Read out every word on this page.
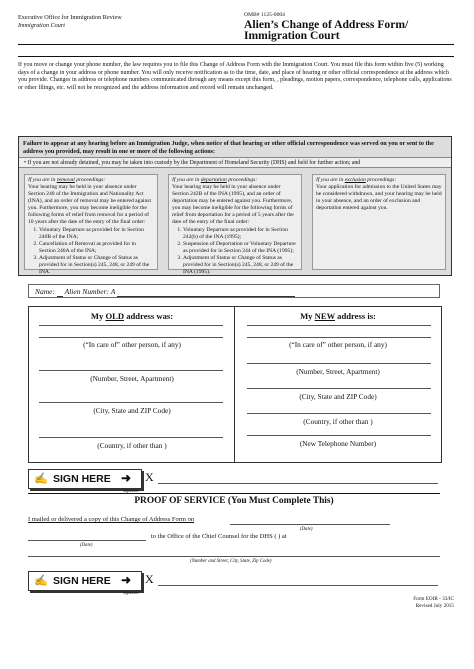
Executive Office for Immigration Review
Immigration Court
OMB# 1125-0004
Alien’s Change of Address Form/
Immigration Court
If you move or change your phone number, the law requires you to file this Change of Address Form with the Immigration Court. You must file this form within five (5) working days of a change in your address or phone number. You will only receive notification as to the time, date, and place of hearing or other official correspondence at the address which you provide. Changes in address or telephone numbers communicated through any means except this form, , pleadings, motion papers, correspondence, telephone calls, applications or other filings, etc. will not be recognized and the address information and record will remain unchanged.
Failure to appear at any hearing before an Immigration Judge, when notice of that hearing or other official correspondence was served on you or sent to the address you provided, may result in one or more of the following actions:
• If you are not already detained, you may be taken into custody by the Department of Homeland Security (DHS) and held for further action; and
If you are in removal proceedings:
Your hearing may be held in your absence under Section 240 of the Immigration and Nationality Act (INA), and an order of removal may be entered against you. Furthermore, you may become ineligible for the following forms of relief from removal for a period of 10 years after the date of the entry of the final order:
1. Voluntary Departure as provided for in Section 240B of the INA;
2. Cancellation of Removal as provided for in Section 240A of the INA;
3. Adjustment of Status or Change of Status as provided for in Section(s) 245, 248, or 249 of the INA.
If you are in deportation proceedings:
Your hearing may be held in your absence under Section 242B of the INA (1995), and an order of deportation may be entered against you. Furthermore, you may become ineligible for the following forms of relief from deportation for a period of 5 years after the date of the entry of the final order:
1. Voluntary Departure as provided for in Section 242(b) of the INA (1995);
2. Suspension of Deportation or Voluntary Departure as provided for in Section 244 of the INA (1995);
3. Adjustment of Status or Change of Status as provided for in Section(s) 245, 248, or 249 of the INA (1995).
If you are in exclusion proceedings:
Your application for admission to the United States may be considered withdrawn, and your hearing may be held in your absence, and an order of exclusion and deportation entered against you.
Name: Alien Number: A
My OLD address was:	My NEW address is:
(“In care of” other person, if any)
(Number, Street, Apartment)
(City, State and ZIP Code)
(Country, if other than )
(“In care of” other person, if any)
(Number, Street, Apartment)
(City, State and ZIP Code)
(Country, if other than )
(New Telephone Number)
✍ SIGN HERE ➜
Signature
X
PROOF OF SERVICE (You Must Complete This)
I mailed or delivered a copy of this Change of Address Form on
(Date)
to the Office of the Chief Counsel for the DHS ( ) at
(Date)
(Number and Street, City, State, Zip Code)
✍ SIGN HERE ➜
Signature
X
Form EOIR - 33/IC
Revised July 2015
